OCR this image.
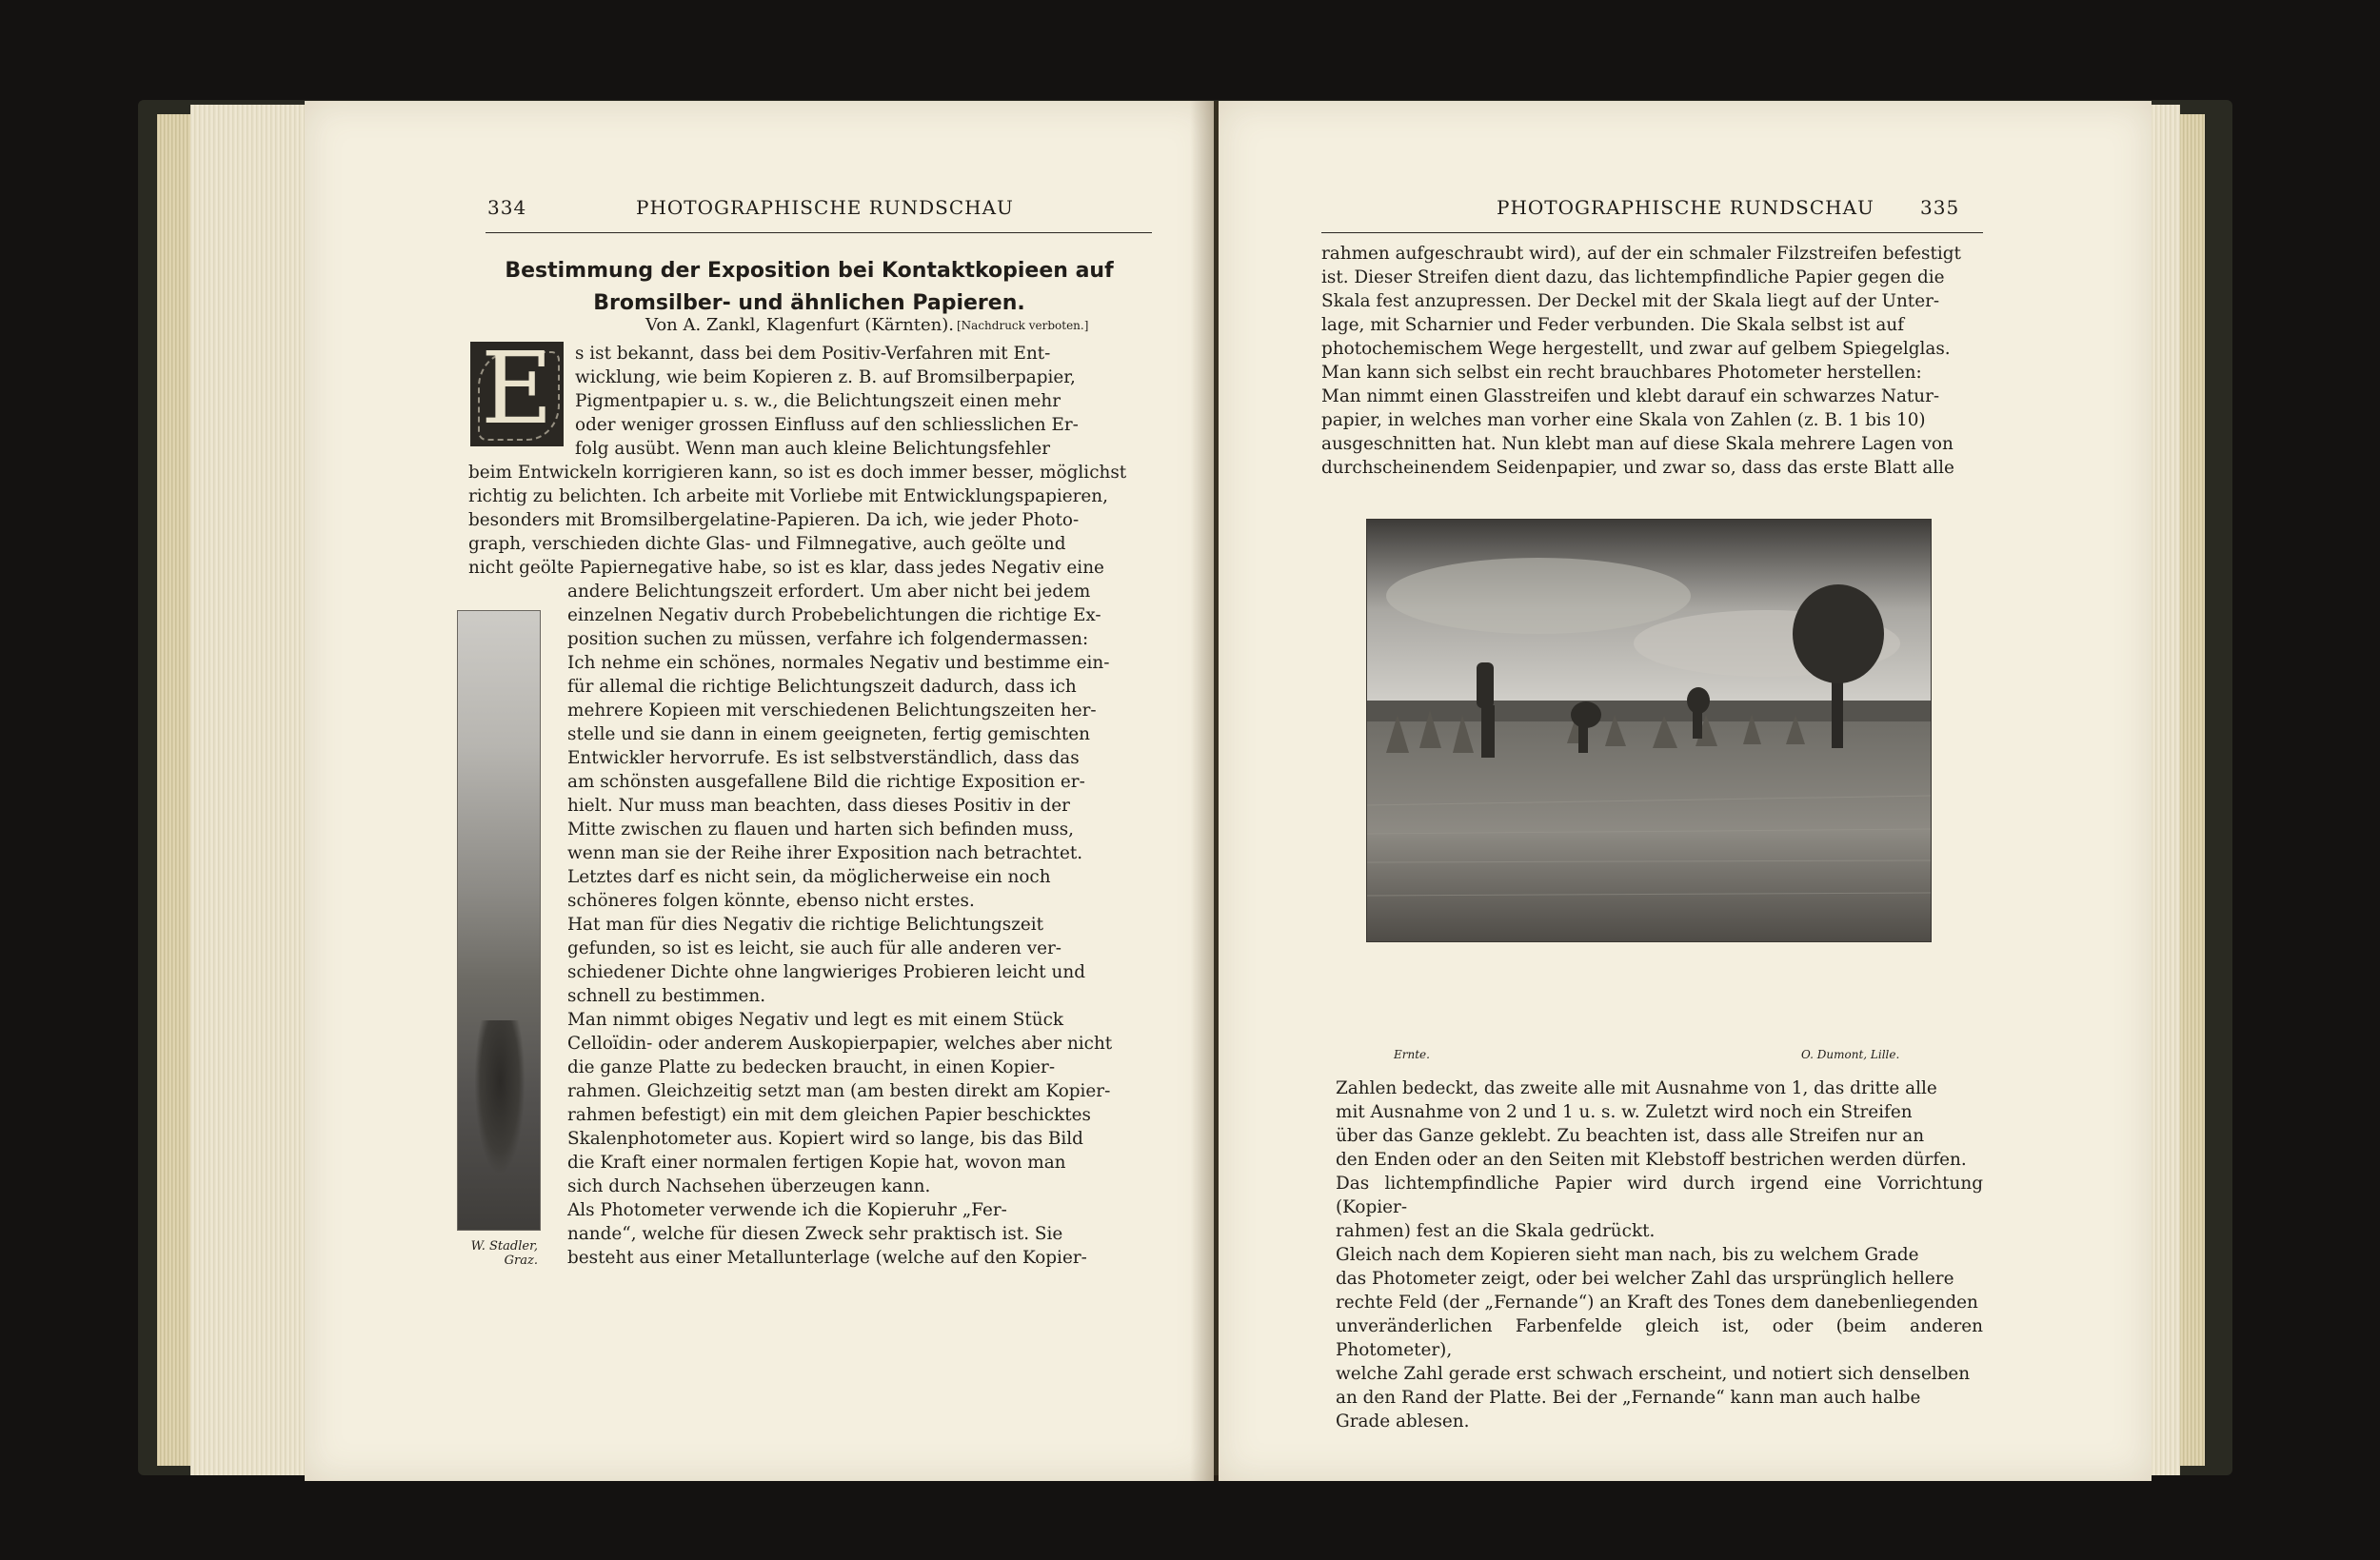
334	PHOTOGRAPHISCHE RUNDSCHAU
Bestimmung der Exposition bei Kontaktkopieen auf
Bromsilber- und ähnlichen Papieren.
Von A. Zankl, Klagenfurt (Kärnten). [Nachdruck verboten.]
E	s ist bekannt, dass bei dem Positiv-Verfahren mit Ent-
wicklung, wie beim Kopieren z. B. auf Bromsilberpapier,
Pigmentpapier u. s. w., die Belichtungszeit einen mehr
oder weniger grossen Einfluss auf den schliesslichen Er-
folg ausübt. Wenn man auch kleine Belichtungsfehler
beim Entwickeln korrigieren kann, so ist es doch immer besser, möglichst
richtig zu belichten. Ich arbeite mit Vorliebe mit Entwicklungspapieren,
besonders mit Bromsilbergelatine-Papieren. Da ich, wie jeder Photo-
graph, verschieden dichte Glas- und Filmnegative, auch geölte und
nicht geölte Papiernegative habe, so ist es klar, dass jedes Negativ eine
andere Belichtungszeit erfordert. Um aber nicht bei jedem
einzelnen Negativ durch Probebelichtungen die richtige Ex-
position suchen zu müssen, verfahre ich folgendermassen:
Ich nehme ein schönes, normales Negativ und bestimme ein-
für allemal die richtige Belichtungszeit dadurch, dass ich
mehrere Kopieen mit verschiedenen Belichtungszeiten her-
stelle und sie dann in einem geeigneten, fertig gemischten
Entwickler hervorrufe. Es ist selbstverständlich, dass das
am schönsten ausgefallene Bild die richtige Exposition er-
hielt. Nur muss man beachten, dass dieses Positiv in der
Mitte zwischen zu flauen und harten sich befinden muss,
wenn man sie der Reihe ihrer Exposition nach betrachtet.
Letztes darf es nicht sein, da möglicherweise ein noch
schöneres folgen könnte, ebenso nicht erstes.
Hat man für dies Negativ die richtige Belichtungszeit
gefunden, so ist es leicht, sie auch für alle anderen ver-
schiedener Dichte ohne langwieriges Probieren leicht und
schnell zu bestimmen.
Man nimmt obiges Negativ und legt es mit einem Stück
Celloïdin- oder anderem Auskopierpapier, welches aber nicht
die ganze Platte zu bedecken braucht, in einen Kopier-
rahmen. Gleichzeitig setzt man (am besten direkt am Kopier-
rahmen befestigt) ein mit dem gleichen Papier beschicktes
Skalenphotometer aus. Kopiert wird so lange, bis das Bild
die Kraft einer normalen fertigen Kopie hat, wovon man
sich durch Nachsehen überzeugen kann.
Als Photometer verwende ich die Kopieruhr „Fer-
nande“, welche für diesen Zweck sehr praktisch ist. Sie
besteht aus einer Metallunterlage (welche auf den Kopier-
W. Stadler,
Graz.
PHOTOGRAPHISCHE RUNDSCHAU 335
rahmen aufgeschraubt wird), auf der ein schmaler Filzstreifen befestigt
ist. Dieser Streifen dient dazu, das lichtempfindliche Papier gegen die
Skala fest anzupressen. Der Deckel mit der Skala liegt auf der Unter-
lage, mit Scharnier und Feder verbunden. Die Skala selbst ist auf
photochemischem Wege hergestellt, und zwar auf gelbem Spiegelglas.
Man kann sich selbst ein recht brauchbares Photometer herstellen:
Man nimmt einen Glasstreifen und klebt darauf ein schwarzes Natur-
papier, in welches man vorher eine Skala von Zahlen (z. B. 1 bis 10)
ausgeschnitten hat. Nun klebt man auf diese Skala mehrere Lagen von
durchscheinendem Seidenpapier, und zwar so, dass das erste Blatt alle
Ernte.	O. Dumont, Lille.
Zahlen bedeckt, das zweite alle mit Ausnahme von 1, das dritte alle
mit Ausnahme von 2 und 1 u. s. w. Zuletzt wird noch ein Streifen
über das Ganze geklebt. Zu beachten ist, dass alle Streifen nur an
den Enden oder an den Seiten mit Klebstoff bestrichen werden dürfen.
Das lichtempfindliche Papier wird durch irgend eine Vorrichtung (Kopier-
rahmen) fest an die Skala gedrückt.
Gleich nach dem Kopieren sieht man nach, bis zu welchem Grade
das Photometer zeigt, oder bei welcher Zahl das ursprünglich hellere
rechte Feld (der „Fernande“) an Kraft des Tones dem danebenliegenden
unveränderlichen Farbenfelde gleich ist, oder (beim anderen Photometer),
welche Zahl gerade erst schwach erscheint, und notiert sich denselben
an den Rand der Platte. Bei der „Fernande“ kann man auch halbe
Grade ablesen.
